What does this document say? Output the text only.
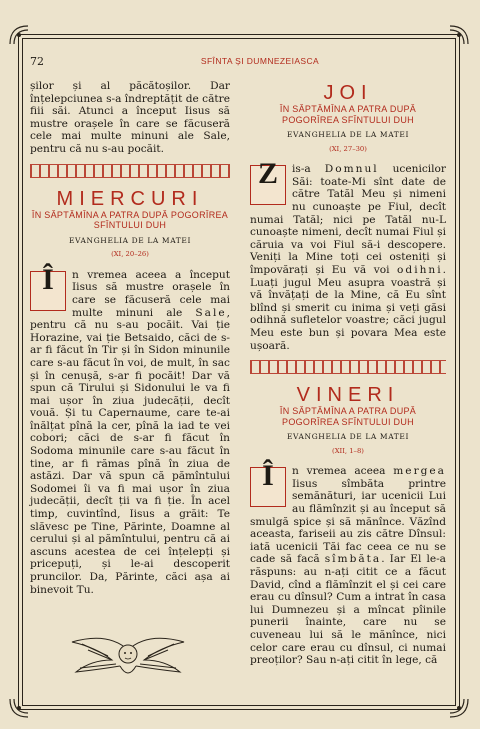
72	SFÎNTA ȘI DUMNEZEIASCA

șilor și al păcătoșilor. Dar înțelepciunea s-a îndreptățit de către fiii săi. Atunci a început Iisus să mustre orașele în care se făcuseră cele mai multe minuni ale Sale, pentru că nu s-au pocăit.

MIERCURI
ÎN SĂPTĂMÎNA A PATRA DUPĂ POGORÎREA SFÎNTULUI DUH
EVANGHELIA DE LA MATEI
(XI, 20–26)

Î	n vremea aceea a început Iisus să mustre orașele în care se făcuseră cele mai multe minuni ale Sale, pentru că nu s-au pocăit. Vai ție Horazine, vai ție Betsaido, căci de s-ar fi făcut în Tir și în Sidon minunile care s-au făcut în voi, de mult, în sac și în cenușă, s-ar fi pocăit! Dar vă spun că Tirului și Sidonului le va fi mai ușor în ziua judecății, decît vouă. Și tu Capernaume, care te-ai înălțat pînă la cer, pînă la iad te vei cobori; căci de s-ar fi făcut în Sodoma minunile care s-au făcut în tine, ar fi rămas pînă în ziua de astăzi. Dar vă spun că pămîntului Sodomei îi va fi mai ușor în ziua judecății, decît ții va fi ție. În acel timp, cuvintînd, Iisus a grăit: Te slăvesc pe Tine, Părinte, Doamne al cerului și al pămîntului, pentru că ai ascuns acestea de cei înțelepți și pricepuți, și le-ai descoperit pruncilor. Da, Părinte, căci așa ai binevoit Tu.

JOI
ÎN SĂPTĂMÎNA A PATRA DUPĂ POGORÎREA SFÎNTULUI DUH
EVANGHELIA DE LA MATEI
(XI, 27–30)

Z	is-a Domnul ucenicilor Săi: toate-Mi sînt date de către Tatăl Meu și nimeni nu cunoaște pe Fiul, decît numai Tatăl; nici pe Tatăl nu-L cunoaște nimeni, decît numai Fiul și căruia va voi Fiul să-i descopere. Veniți la Mine toți cei osteniți și împovărați și Eu vă voi odihni. Luați jugul Meu asupra voastră și vă învățați de la Mine, că Eu sînt blînd și smerit cu inima și veți găsi odihnă sufletelor voastre; căci jugul Meu este bun și povara Mea este ușoară.

VINERI
ÎN SĂPTĂMÎNA A PATRA DUPĂ POGORÎREA SFÎNTULUI DUH
EVANGHELIA DE LA MATEI
(XII, 1–8)

Î	n vremea aceea mergea Iisus sîmbăta printre semănături, iar ucenicii Lui au flămînzit și au început să smulgă spice și să mănînce. Văzînd aceasta, fariseii au zis către Dînsul: iată ucenicii Tăi fac ceea ce nu se cade să facă sîmbăta. Iar El le-a răspuns: au n-ați citit ce a făcut David, cînd a flămînzit el și cei care erau cu dînsul? Cum a intrat în casa lui Dumnezeu și a mîncat pîinile punerii înainte, care nu se cuveneau lui să le mănînce, nici celor care erau cu dînsul, ci numai preoților? Sau n-ați citit în lege, că
